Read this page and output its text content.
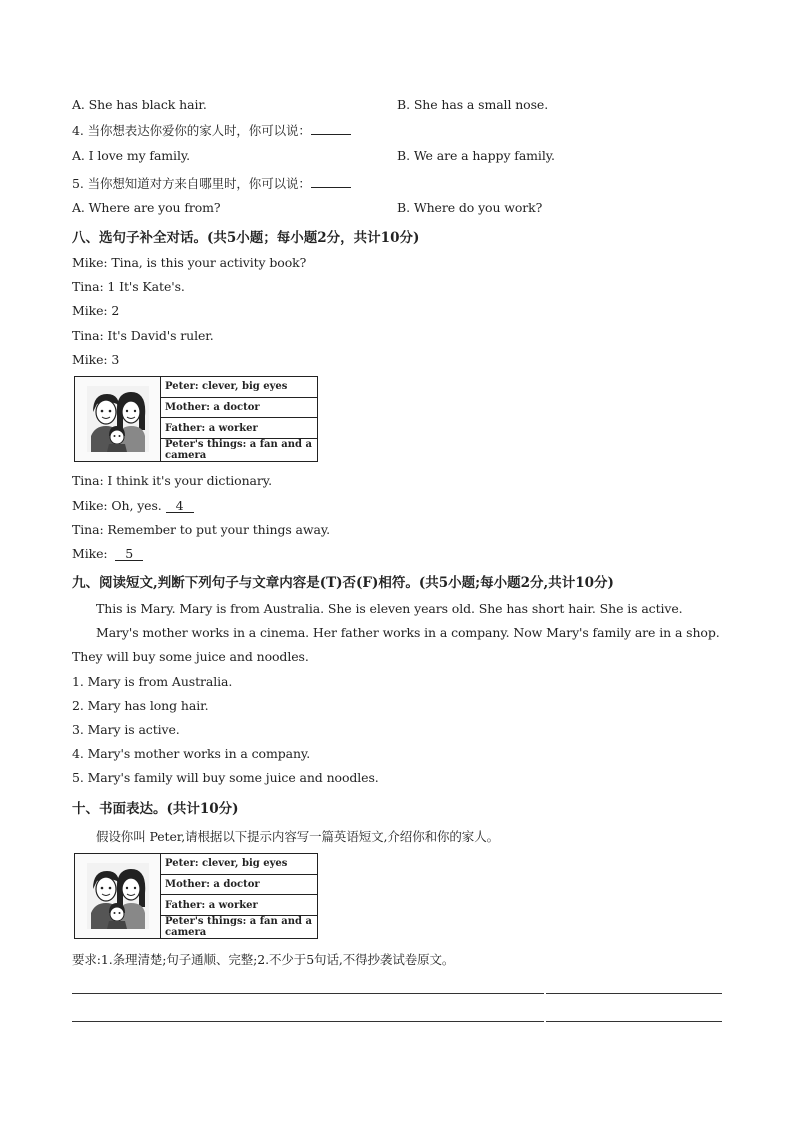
A. She has black hair.	B. She has a small nose.
4. 当你想表达你爱你的家人时，你可以说：
A. I love my family.	B. We are a happy family.
5. 当你想知道对方来自哪里时，你可以说：
A. Where are you from?	B. Where do you work?
八、选句子补全对话。(共5小题；每小题2分，共计10分)
Mike: Tina, is this your activity book?
Tina: 1 It's Kate's.
Mike: 2
Tina: It's David's ruler.
Mike: 3
Peter: clever, big eyes
Mother: a doctor
Father: a worker
Peter's things: a fan and a camera
Tina: I think it's your dictionary.
Mike: Oh, yes. 4
Tina: Remember to put your things away.
Mike: 5
九、阅读短文,判断下列句子与文章内容是(T)否(F)相符。(共5小题;每小题2分,共计10分)
This is Mary. Mary is from Australia. She is eleven years old. She has short hair. She is active.
Mary's mother works in a cinema. Her father works in a company. Now Mary's family are in a shop.
They will buy some juice and noodles.
1. Mary is from Australia.
2. Mary has long hair.
3. Mary is active.
4. Mary's mother works in a company.
5. Mary's family will buy some juice and noodles.
十、书面表达。(共计10分)
假设你叫 Peter,请根据以下提示内容写一篇英语短文,介绍你和你的家人。
Peter: clever, big eyes
Mother: a doctor
Father: a worker
Peter's things: a fan and a camera
要求:1.条理清楚;句子通顺、完整;2.不少于5句话,不得抄袭试卷原文。
